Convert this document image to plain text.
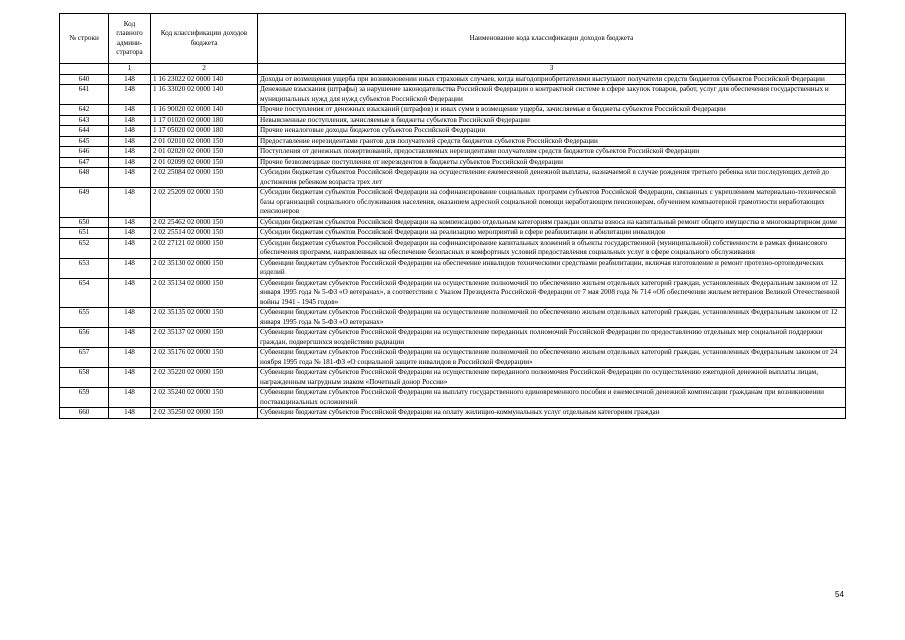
№ строки	Код главного админи-стратора	Код классификации доходов бюджета	Наименование кода классификации доходов бюджета
	1	2	3
640	148	1 16 23022 02 0000 140	Доходы от возмещения ущерба при возникновении иных страховых случаев, когда выгодоприобретателями выступают получатели средств бюджетов субъектов Российской Федерации
641	148	1 16 33020 02 0000 140	Денежные взыскания (штрафы) за нарушение законодательства Российской Федерации о контрактной системе в сфере закупок товаров, работ, услуг для обеспечения государственных и муниципальных нужд для нужд субъектов Российской Федерации
642	148	1 16 90020 02 0000 140	Прочие поступления от денежных взысканий (штрафов) и иных сумм в возмещение ущерба, зачисляемые в бюджеты субъектов Российской Федерации
643	148	1 17 01020 02 0000 180	Невыясненные поступления, зачисляемые в бюджеты субъектов Российской Федерации
644	148	1 17 05020 02 0000 180	Прочие неналоговые доходы бюджетов субъектов Российской Федерации
645	148	2 01 02010 02 0000 150	Предоставление нерезидентами грантов для получателей средств бюджетов субъектов Российской Федерации
646	148	2 01 02020 02 0000 150	Поступления от денежных пожертвований, предоставляемых нерезидентами получателям средств бюджетов субъектов Российской Федерации
647	148	2 01 02099 02 0000 150	Прочие безвозмездные поступления от нерезидентов в бюджеты субъектов Российской Федерации
648	148	2 02 25084 02 0000 150	Субсидии бюджетам субъектов Российской Федерации на осуществление ежемесячной денежной выплаты, назначаемой в случае рождения третьего ребенка или последующих детей до достижения ребенком возраста трех лет
649	148	2 02 25209 02 0000 150	Субсидии бюджетам субъектов Российской Федерации на софинансирование социальных программ субъектов Российской Федерации, связанных с укреплением материально-технической базы организаций социального обслуживания населения, оказанием адресной социальной помощи неработающим пенсионерам, обучением компьютерной грамотности неработающих пенсионеров
650	148	2 02 25462 02 0000 150	Субсидии бюджетам субъектов Российской Федерации на компенсацию отдельным категориям граждан оплаты взноса на капитальный ремонт общего имущества в многоквартирном доме
651	148	2 02 25514 02 0000 150	Субсидии бюджетам субъектов Российской Федерации на реализацию мероприятий в сфере реабилитации и абилитации инвалидов
652	148	2 02 27121 02 0000 150	Субсидии бюджетам субъектов Российской Федерации на софинансирование капитальных вложений в объекты государственной (муниципальной) собственности в рамках финансового обеспечения программ, направленных на обеспечение безопасных и комфортных условий предоставления социальных услуг в сфере социального обслуживания
653	148	2 02 35130 02 0000 150	Субвенции бюджетам субъектов Российской Федерации на обеспечение инвалидов техническими средствами реабилитации, включая изготовление и ремонт протезно-ортопедических изделий
654	148	2 02 35134 02 0000 150	Субвенции бюджетам субъектов Российской Федерации на осуществление полномочий по обеспечению жильем отдельных категорий граждан, установленных Федеральным законом от 12 января 1995 года № 5-ФЗ «О ветеранах», в соответствии с Указом Президента Российской Федерации от 7 мая 2008 года № 714 «Об обеспечении жильем ветеранов Великой Отечественной войны 1941 - 1945 годов»
655	148	2 02 35135 02 0000 150	Субвенции бюджетам субъектов Российской Федерации на осуществление полномочий по обеспечению жильем отдельных категорий граждан, установленных Федеральным законом от 12 января 1995 года № 5-ФЗ «О ветеранах»
656	148	2 02 35137 02 0000 150	Субвенции бюджетам субъектов Российской Федерации на осуществление переданных полномочий Российской Федерации по предоставлению отдельных мер социальной поддержки граждан, подвергшихся воздействию радиации
657	148	2 02 35176 02 0000 150	Субвенции бюджетам субъектов Российской Федерации на осуществление полномочий по обеспечению жильем отдельных категорий граждан, установленных Федеральным законом от 24 ноября 1995 года № 181-ФЗ «О социальной защите инвалидов в Российской Федерации»
658	148	2 02 35220 02 0000 150	Субвенции бюджетам субъектов Российской Федерации на осуществление переданного полномочия Российской Федерации по осуществлению ежегодной денежной выплаты лицам, награжденным нагрудным знаком «Почетный донор России»
659	148	2 02 35240 02 0000 150	Субвенции бюджетам субъектов Российской Федерации на выплату государственного единовременного пособия и ежемесячной денежной компенсации гражданам при возникновении поствакцинальных осложнений
660	148	2 02 35250 02 0000 150	Субвенции бюджетам субъектов Российской Федерации на оплату жилищно-коммунальных услуг отдельным категориям граждан
54
